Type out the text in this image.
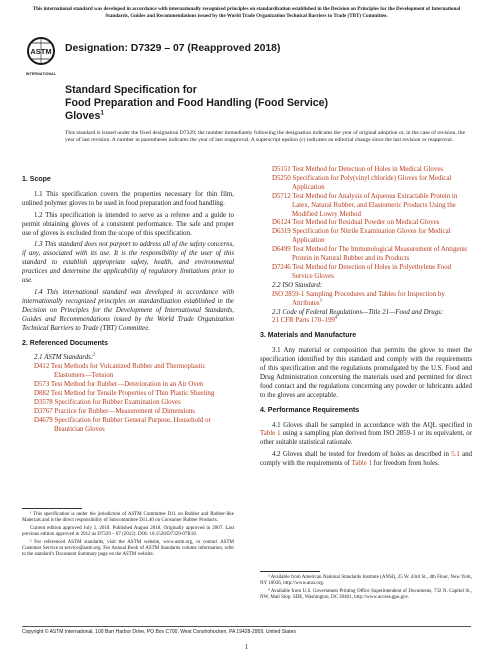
This international standard was developed in accordance with internationally recognized principles on standardization established in the Decision on Principles for the Development of International Standards, Guides and Recommendations issued by the World Trade Organization Technical Barriers to Trade (TBT) Committee.
ASTM
INTERNATIONAL
Designation: D7329 – 07 (Reapproved 2018)
Standard Specification for
Food Preparation and Food Handling (Food Service)
Gloves$^1$
This standard is issued under the fixed designation D7329; the number immediately following the designation indicates the year of original adoption or, in the case of revision, the year of last revision. A number in parentheses indicates the year of last reapproval. A superscript epsilon (ε) indicates an editorial change since the last revision or reapproval.
1. Scope

1.1 This specification covers the properties necessary for thin film, unlined polymer gloves to be used in food preparation and food handling.

1.2 This specification is intended to serve as a referee and a guide to permit obtaining gloves of a consistent performance. The safe and proper use of gloves is excluded from the scope of this specification.

1.3 This standard does not purport to address all of the safety concerns, if any, associated with its use. It is the responsibility of the user of this standard to establish appropriate safety, health, and environmental practices and determine the applicability of regulatory limitations prior to use.

1.4 This international standard was developed in accordance with internationally recognized principles on standardization established in the Decision on Principles for the Development of International Standards, Guides and Recommendations issued by the World Trade Organization Technical Barriers to Trade (TBT) Committee.

2. Referenced Documents
2.1 ASTM Standards:$^2$
D412 Test Methods for Vulcanized Rubber and Thermoplastic Elastomers—Tension
D573 Test Method for Rubber—Deterioration in an Air Oven
D882 Test Method for Tensile Properties of Thin Plastic Sheeting
D3578 Specification for Rubber Examination Gloves
D3767 Practice for Rubber—Measurement of Dimensions
D4679 Specification for Rubber General Purpose, Household or Beautician Gloves
D5151 Test Method for Detection of Holes in Medical Gloves
D5250 Specification for Poly(vinyl chloride) Gloves for Medical Application
D5712 Test Method for Analysis of Aqueous Extractable Protein in Latex, Natural Rubber, and Elastomeric Products Using the Modified Lowry Method
D6124 Test Method for Residual Powder on Medical Gloves
D6319 Specification for Nitrile Examination Gloves for Medical Application
D6499 Test Method for The Immunological Measurement of Antigenic Protein in Natural Rubber and its Products
D7246 Test Method for Detection of Holes in Polyethylene Food Service Gloves
2.2 ISO Standard:
ISO 2859-1 Sampling Procedures and Tables for Inspection by Attributes$^3$
2.3 Code of Federal Regulations—Title 21—Food and Drugs:
21 CFR Parts $170-199^4$
3. Materials and Manufacture

3.1 Any material or composition that permits the glove to meet the specification identified by this standard and comply with the requirements of this specification and the regulations promulgated by the U.S. Food and Drug Administration concerning the materials used and permitted for direct food contact and the regulations concerning any powder or lubricants added to the gloves are acceptable.

4. Performance Requirements

4.1 Gloves shall be sampled in accordance with the AQL specified in Table 1 using a sampling plan derived from ISO 2859-1 or its equivalent, or other suitable statistical rationale.

4.2 Gloves shall be tested for freedom of holes as described in 5.1 and comply with the requirements of Table 1 for freedom from holes.

¹ This specification is under the jurisdiction of ASTM Committee D11 on Rubber and Rubber-like Materials and is the direct responsibility of Subcommittee D11.40 on Consumer Rubber Products.

Current edition approved July 1, 2018. Published August 2018. Originally approved in 2007. Last previous edition approved in 2012 as D7329 – 07 (2012). DOI: 10.1520/D7329-07R18.

² For referenced ASTM standards, visit the ASTM website, www.astm.org, or contact ASTM Customer Service at service@astm.org. For Annual Book of ASTM Standards volume information, refer to the standard's Document Summary page on the ASTM website.

³ Available from American National Standards Institute (ANSI), 25 W. 43rd St., 4th Floor, New York, NY 10036, http://www.ansi.org.

⁴ Available from U.S. Government Printing Office Superintendent of Documents, 732 N. Capitol St., NW, Mail Stop: SDE, Washington, DC 20401, http://www.access.gpo.gov.

Copyright © ASTM International, 100 Barr Harbor Drive, PO Box C700, West Conshohocken, PA 19428-2959. United States
1
